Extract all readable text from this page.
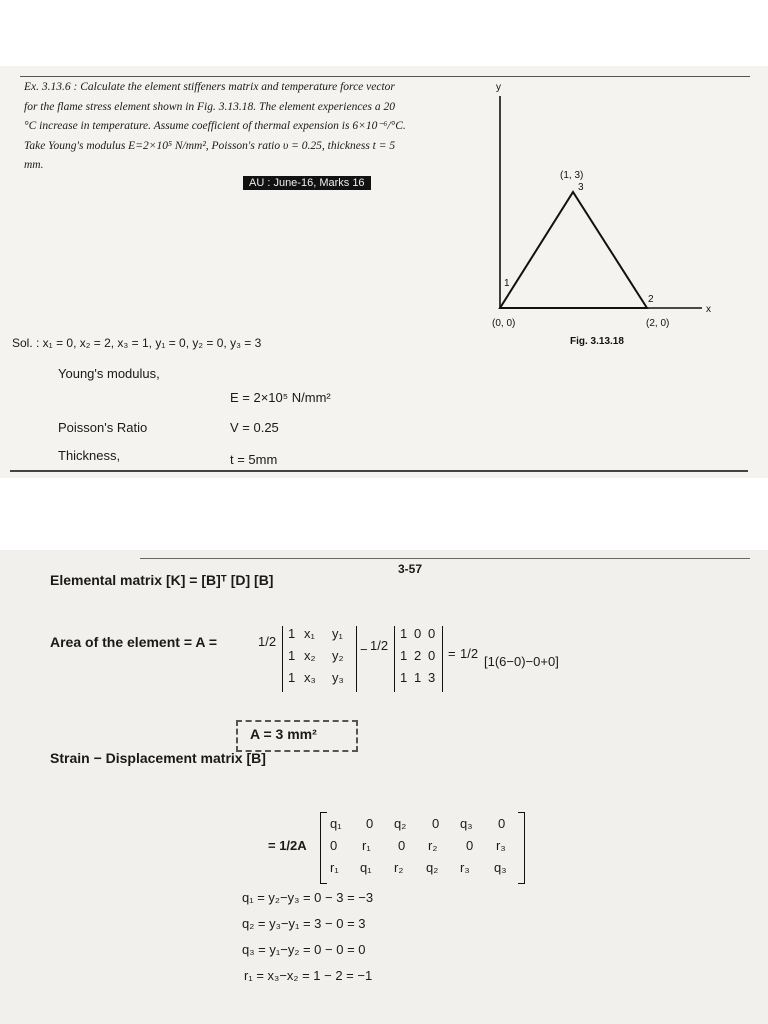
Ex. 3.13.6 : Calculate the element stiffeners matrix and temperature force vector for the flame stress element shown in Fig. 3.13.18. The element experiences a 20 °C increase in temperature. Assume coefficient of thermal expension is 6×10⁻⁶/°C. Take Young's modulus E=2×10⁵ N/mm², Poisson's ratio υ = 0.25, thickness t = 5 mm.
AU : June-16, Marks 16
y
x
1
2
3
(0, 0)	(2, 0)
(1, 3)
Fig. 3.13.18
Sol. : x₁ = 0, x₂ = 2, x₃ = 1, y₁ = 0, y₂ = 0, y₃ = 3
Young's modulus,
E = 2×10⁵ N/mm²
Poisson's Ratio	V = 0.25
Thickness,	t = 5mm
3-57
Elemental matrix [K] = [B]ᵀ [D] [B]
Area of the element = A =	1/2
1 x₁ y₁
1 x₂ y₂
1 x₃ y₃
− 1/2
1 0 0
1 2 0
1 1 3
= 1/2
[1(6−0)−0+0]
A = 3 mm²
Strain − Displacement matrix [B]
= 1/2A
q₁ 0 q₂ 0 q₃ 0
0 r₁ 0 r₂ 0 r₃
r₁ q₁ r₂ q₂ r₃ q₃
q₁ = y₂−y₃ = 0 − 3 = −3
q₂ = y₃−y₁ = 3 − 0 = 3
q₃ = y₁−y₂ = 0 − 0 = 0
r₁ = x₃−x₂ = 1 − 2 = −1
